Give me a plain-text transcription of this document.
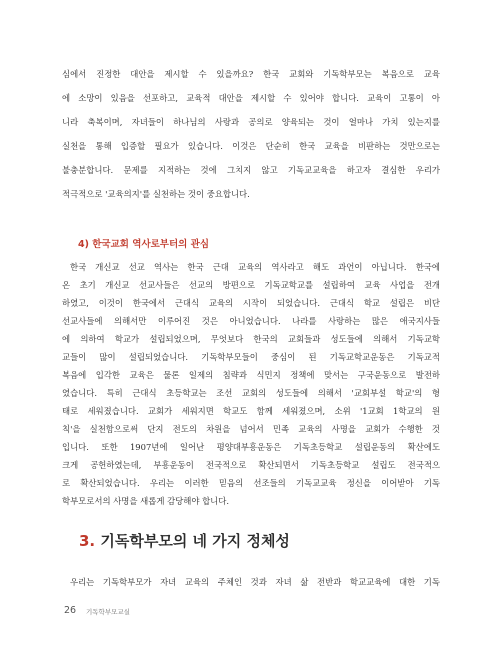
심에서 진정한 대안을 제시할 수 있을까요? 한국 교회와 기독학부모는 복음으로 교육
에 소망이 있음을 선포하고, 교육적 대안을 제시할 수 있어야 합니다. 교육이 고통이 아
니라 축복이며, 자녀들이 하나님의 사랑과 공의로 양육되는 것이 얼마나 가치 있는지를
실천을 통해 입증할 필요가 있습니다. 이것은 단순히 한국 교육을 비판하는 것만으로는
불충분합니다. 문제를 지적하는 것에 그치지 않고 기독교교육을 하고자 결심한 우리가
적극적으로 '교육의지'를 실천하는 것이 중요합니다.
4) 한국교회 역사로부터의 관심
한국 개신교 선교 역사는 한국 근대 교육의 역사라고 해도 과언이 아닙니다. 한국에
온 초기 개신교 선교사들은 선교의 방편으로 기독교학교를 설립하여 교육 사업을 전개
하였고, 이것이 한국에서 근대식 교육의 시작이 되었습니다. 근대식 학교 설립은 비단
선교사들에 의해서만 이루어진 것은 아니었습니다. 나라를 사랑하는 많은 애국지사들
에 의하여 학교가 설립되었으며, 무엇보다 한국의 교회들과 성도들에 의해서 기독교학
교들이 많이 설립되었습니다. 기독학부모들이 중심이 된 기독교학교운동은 기독교적
복음에 입각한 교육은 물론 일제의 침략과 식민지 정책에 맞서는 구국운동으로 발전하
였습니다. 특히 근대식 초등학교는 조선 교회의 성도들에 의해서 '교회부설 학교'의 형
태로 세워졌습니다. 교회가 세워지면 학교도 함께 세워졌으며, 소위 '1교회 1학교의 원
칙'을 실천함으로써 단지 전도의 차원을 넘어서 민족 교육의 사명을 교회가 수행한 것
입니다. 또한 1907년에 일어난 평양대부흥운동은 기독초등학교 설립운동의 확산에도
크게 공헌하였는데, 부흥운동이 전국적으로 확산되면서 기독초등학교 설립도 전국적으
로 확산되었습니다. 우리는 이러한 믿음의 선조들의 기독교교육 정신을 이어받아 기독
학부모로서의 사명을 새롭게 감당해야 합니다.
3. 기독학부모의 네 가지 정체성
우리는 기독학부모가 자녀 교육의 주체인 것과 자녀 삶 전반과 학교교육에 대한 기독
26 기독학부모교실
